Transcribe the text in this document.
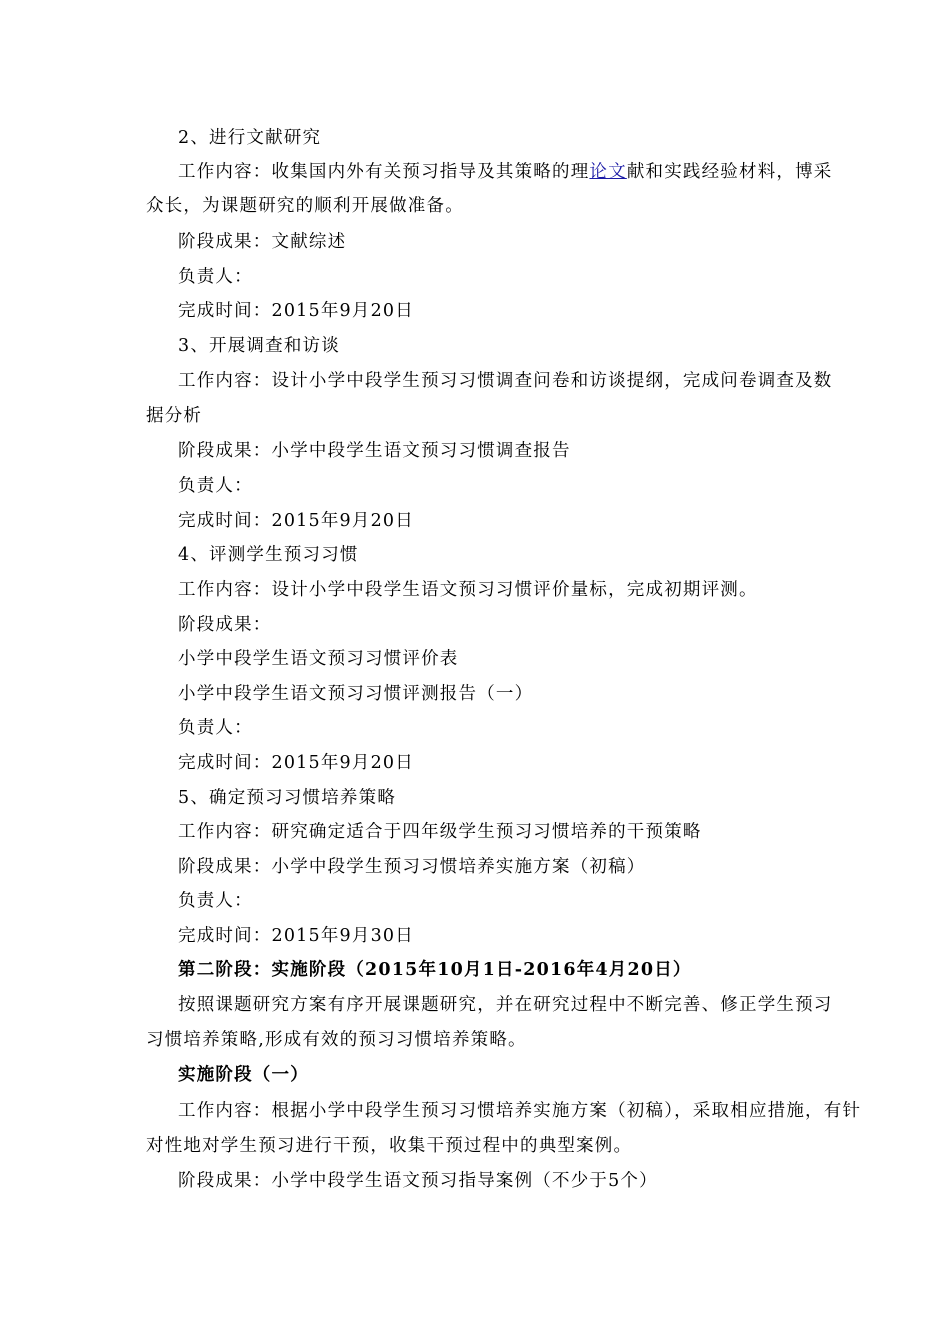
2、进行文献研究
工作内容：收集国内外有关预习指导及其策略的理论文献和实践经验材料，博采
众长，为课题研究的顺利开展做准备。
阶段成果：文献综述
负责人：
完成时间：2015年9月20日
3、开展调查和访谈
工作内容：设计小学中段学生预习习惯调查问卷和访谈提纲，完成问卷调查及数
据分析
阶段成果：小学中段学生语文预习习惯调查报告
负责人：
完成时间：2015年9月20日
4、评测学生预习习惯
工作内容：设计小学中段学生语文预习习惯评价量标，完成初期评测。
阶段成果：
小学中段学生语文预习习惯评价表
小学中段学生语文预习习惯评测报告（一）
负责人：
完成时间：2015年9月20日
5、确定预习习惯培养策略
工作内容：研究确定适合于四年级学生预习习惯培养的干预策略
阶段成果：小学中段学生预习习惯培养实施方案（初稿）
负责人：
完成时间：2015年9月30日
第二阶段：实施阶段（2015年10月1日-2016年4月20日）
按照课题研究方案有序开展课题研究，并在研究过程中不断完善、修正学生预习
习惯培养策略,形成有效的预习习惯培养策略。
实施阶段（一）
工作内容：根据小学中段学生预习习惯培养实施方案（初稿），采取相应措施，有针
对性地对学生预习进行干预，收集干预过程中的典型案例。
阶段成果：小学中段学生语文预习指导案例（不少于5个）
